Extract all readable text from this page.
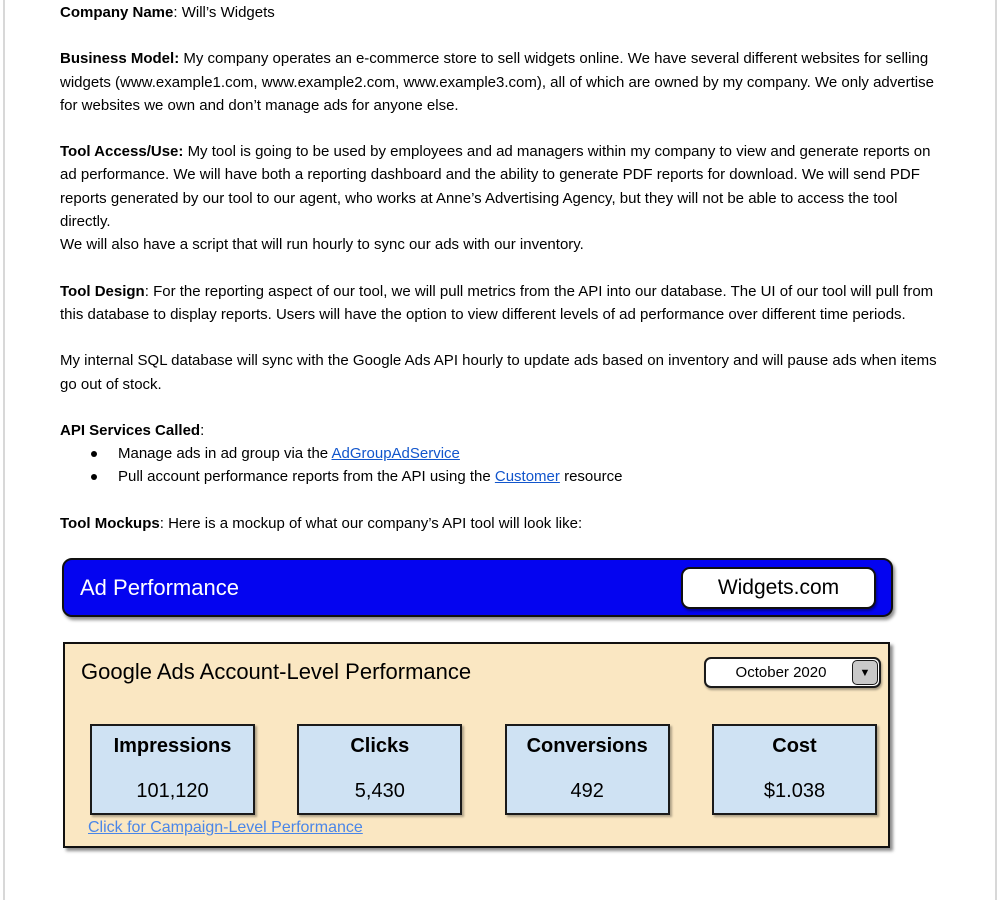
Company Name: Will’s Widgets

Business Model: My company operates an e-commerce store to sell widgets online. We have several different websites for selling widgets (www.example1.com, www.example2.com, www.example3.com), all of which are owned by my company. We only advertise for websites we own and don’t manage ads for anyone else.

Tool Access/Use: My tool is going to be used by employees and ad managers within my company to view and generate reports on ad performance. We will have both a reporting dashboard and the ability to generate PDF reports for download. We will send PDF reports generated by our tool to our agent, who works at Anne’s Advertising Agency, but they will not be able to access the tool directly.
We will also have a script that will run hourly to sync our ads with our inventory.

Tool Design: For the reporting aspect of our tool, we will pull metrics from the API into our database. The UI of our tool will pull from this database to display reports. Users will have the option to view different levels of ad performance over different time periods.

My internal SQL database will sync with the Google Ads API hourly to update ads based on inventory and will pause ads when items go out of stock.

API Services Called:

Manage ads in ad group via the AdGroupAdService
Pull account performance reports from the API using the Customer resource

Tool Mockups: Here is a mockup of what our company’s API tool will look like:

Ad Performance	Widgets.com
Google Ads Account-Level Performance	October 2020	▼
Impressions
101,120
Clicks
5,430
Conversions
492
Cost
$1.038
Click for Campaign-Level Performance
